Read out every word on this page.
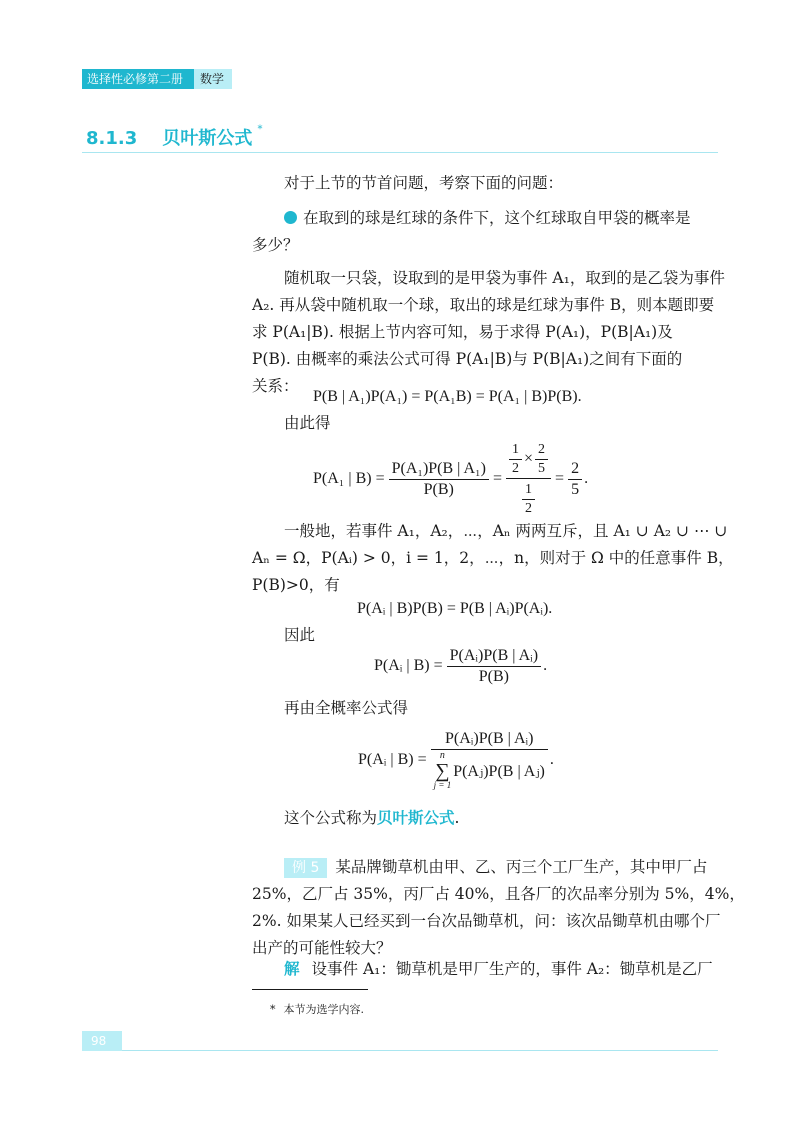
选择性必修第二册 数学
8.1.3 贝叶斯公式 *
对于上节的节首问题，考察下面的问题：
在取到的球是红球的条件下，这个红球取自甲袋的概率是
多少？
随机取一只袋，设取到的是甲袋为事件 A₁，取到的是乙袋为事件
A₂. 再从袋中随机取一个球，取出的球是红球为事件 B，则本题即要
求 P(A₁|B). 根据上节内容可知，易于求得 P(A₁)，P(B|A₁)及
P(B). 由概率的乘法公式可得 P(A₁|B)与 P(B|A₁)之间有下面的
关系：
P(B | A₁)P(A₁) = P(A₁B) = P(A₁ | B)P(B).
由此得
P(A₁ | $B) = \frac{\text{P(A₁)P(B | A₁)}}{P(B)} = \frac{\frac{1}{2} \times \frac{2}{5}}{\frac{1}{2}} = \frac{2}{5}$ .
一般地，若事件 A₁，A₂，⋯，Aₙ 两两互斥，且 A₁ ∪ A₂ ∪ ⋯ ∪
Aₙ = Ω，P(Aᵢ) > 0，i = 1，2，⋯，n，则对于 Ω 中的任意事件 B，
P(B)>0，有
P(Aᵢ | B)P(B) = P(B | Aᵢ)P(Aᵢ).
因此
P(Aᵢ | $B) = \frac{\text{P(Aᵢ)P(B | Aᵢ)}}{P(B)}$ .
再由全概率公式得
P(Aᵢ | B) = P(Aᵢ)P(B | Aᵢ)
n
∑
j = 1
P(Aⱼ)P(B | Aⱼ) .
这个公式称为贝叶斯公式.
例 5 某品牌锄草机由甲、乙、丙三个工厂生产，其中甲厂占
25%，乙厂占 35%，丙厂占 40%，且各厂的次品率分别为 5%，4%，
2%. 如果某人已经买到一台次品锄草机，问：该次品锄草机由哪个厂
出产的可能性较大？
解 设事件 A₁：锄草机是甲厂生产的，事件 A₂：锄草机是乙厂
* 本节为选学内容.
98
